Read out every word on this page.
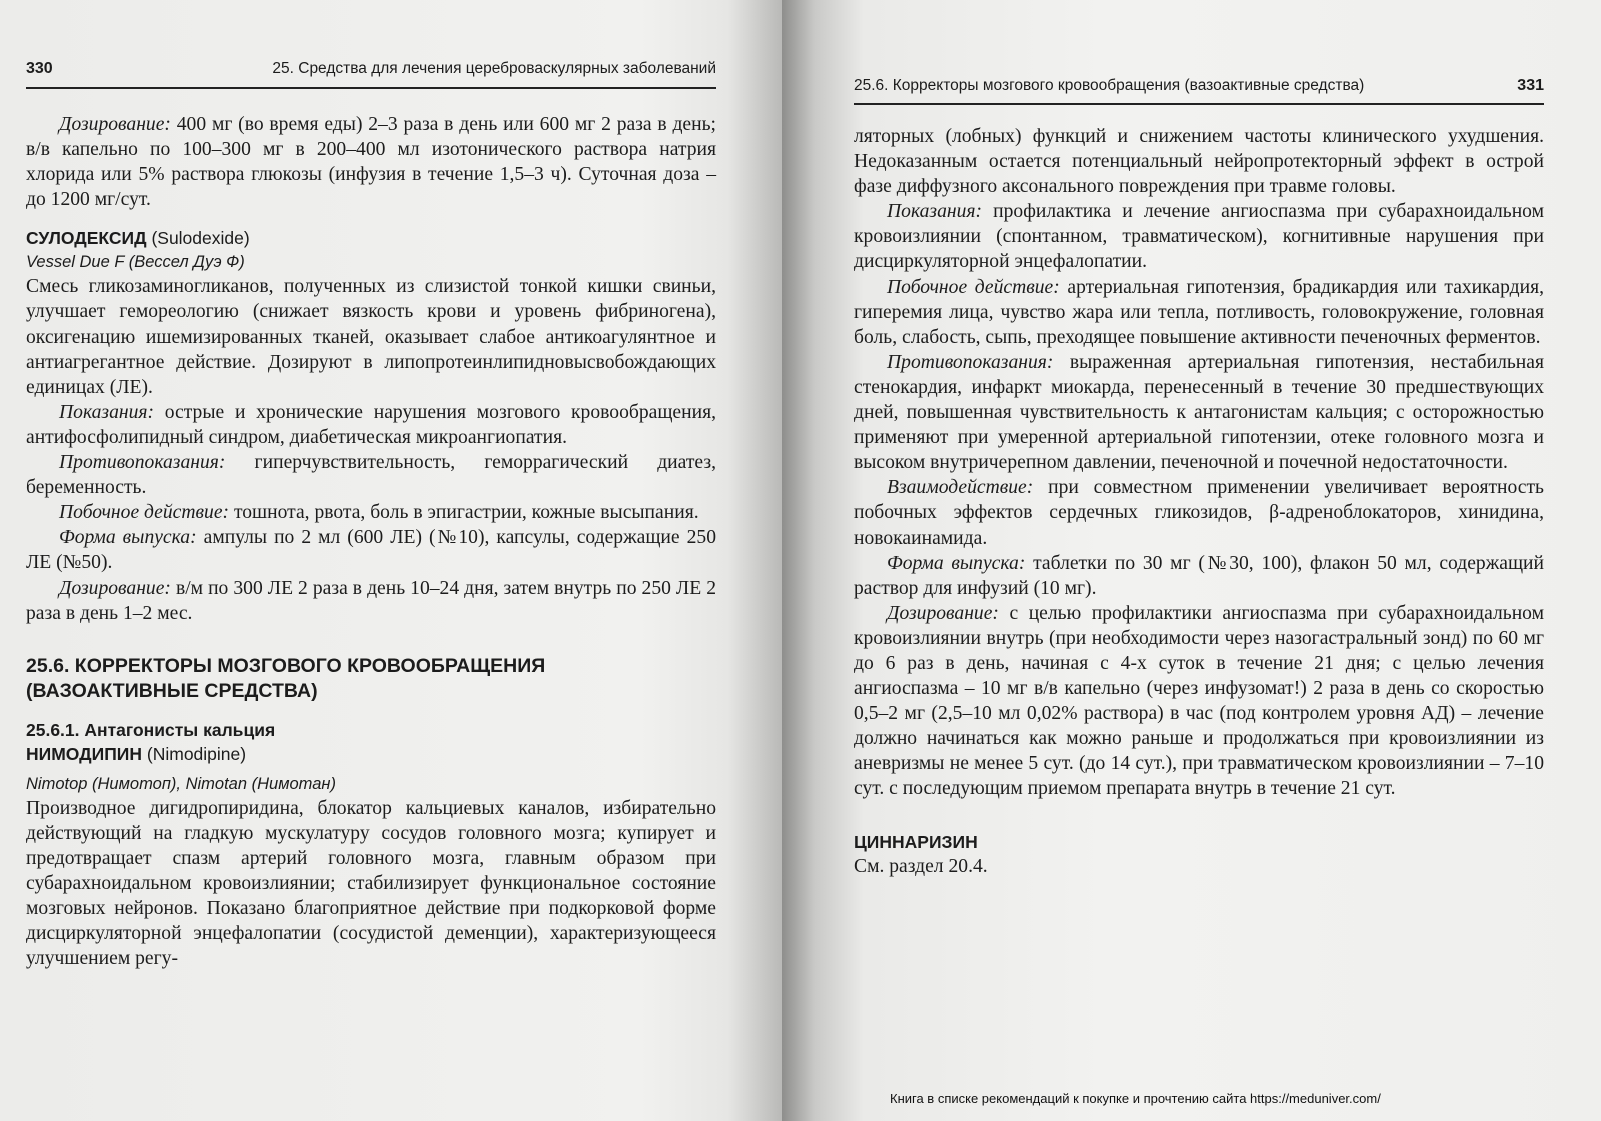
330	25. Средства для лечения цереброваскулярных заболеваний

Дозирование: 400 мг (во время еды) 2–3 раза в день или 600 мг 2 раза в день; в/в капельно по 100–300 мг в 200–400 мл изотонического раствора натрия хлорида или 5% раствора глюкозы (инфузия в течение 1,5–3 ч). Суточная доза – до 1200 мг/сут.

СУЛОДЕКСИД (Sulodexide)

Vessel Due F (Вессел Дуэ Ф)

Смесь гликозаминогликанов, полученных из слизистой тонкой кишки свиньи, улучшает гемореологию (снижает вязкость крови и уровень фибриногена), оксигенацию ишемизированных тканей, оказывает слабое антикоагулянтное и антиагрегантное действие. Дозируют в липопротеинлипидновысвобождающих единицах (ЛЕ).

Показания: острые и хронические нарушения мозгового кровообращения, антифосфолипидный синдром, диабетическая микроангиопатия.

Противопоказания: гиперчувствительность, геморрагический диатез, беременность.

Побочное действие: тошнота, рвота, боль в эпигастрии, кожные высыпания.

Форма выпуска: ампулы по 2 мл (600 ЛЕ) (№10), капсулы, содержащие 250 ЛЕ (№50).

Дозирование: в/м по 300 ЛЕ 2 раза в день 10–24 дня, затем внутрь по 250 ЛЕ 2 раза в день 1–2 мес.

25.6. КОРРЕКТОРЫ МОЗГОВОГО КРОВООБРАЩЕНИЯ (ВАЗОАКТИВНЫЕ СРЕДСТВА)
25.6.1. Антагонисты кальция
НИМОДИПИН (Nimodipine)

Nimotop (Нимотоп), Nimotan (Нимотан)

Производное дигидропиридина, блокатор кальциевых каналов, избирательно действующий на гладкую мускулатуру сосудов головного мозга; купирует и предотвращает спазм артерий головного мозга, главным образом при субарахноидальном кровоизлиянии; стабилизирует функциональное состояние мозговых нейронов. Показано благоприятное действие при подкорковой форме дисциркуляторной энцефалопатии (сосудистой деменции), характеризующееся улучшением регу-

25.6. Корректоры мозгового кровообращения (вазоактивные средства)	331

ляторных (лобных) функций и снижением частоты клинического ухудшения. Недоказанным остается потенциальный нейропротекторный эффект в острой фазе диффузного аксонального повреждения при травме головы.

Показания: профилактика и лечение ангиоспазма при субарахноидальном кровоизлиянии (спонтанном, травматическом), когнитивные нарушения при дисциркуляторной энцефалопатии.

Побочное действие: артериальная гипотензия, брадикардия или тахикардия, гиперемия лица, чувство жара или тепла, потливость, головокружение, головная боль, слабость, сыпь, преходящее повышение активности печеночных ферментов.

Противопоказания: выраженная артериальная гипотензия, нестабильная стенокардия, инфаркт миокарда, перенесенный в течение 30 предшествующих дней, повышенная чувствительность к антагонистам кальция; с осторожностью применяют при умеренной артериальной гипотензии, отеке головного мозга и высоком внутричерепном давлении, печеночной и почечной недостаточности.

Взаимодействие: при совместном применении увеличивает вероятность побочных эффектов сердечных гликозидов, β-адреноблокаторов, хинидина, новокаинамида.

Форма выпуска: таблетки по 30 мг (№30, 100), флакон 50 мл, содержащий раствор для инфузий (10 мг).

Дозирование: с целью профилактики ангиоспазма при субарахноидальном кровоизлиянии внутрь (при необходимости через назогастральный зонд) по 60 мг до 6 раз в день, начиная с 4-х суток в течение 21 дня; с целью лечения ангиоспазма – 10 мг в/в капельно (через инфузомат!) 2 раза в день со скоростью 0,5–2 мг (2,5–10 мл 0,02% раствора) в час (под контролем уровня АД) – лечение должно начинаться как можно раньше и продолжаться при кровоизлиянии из аневризмы не менее 5 сут. (до 14 сут.), при травматическом кровоизлиянии – 7–10 сут. с последующим приемом препарата внутрь в течение 21 сут.

ЦИННАРИЗИН

См. раздел 20.4.

Книга в списке рекомендаций к покупке и прочтению сайта https://meduniver.com/
